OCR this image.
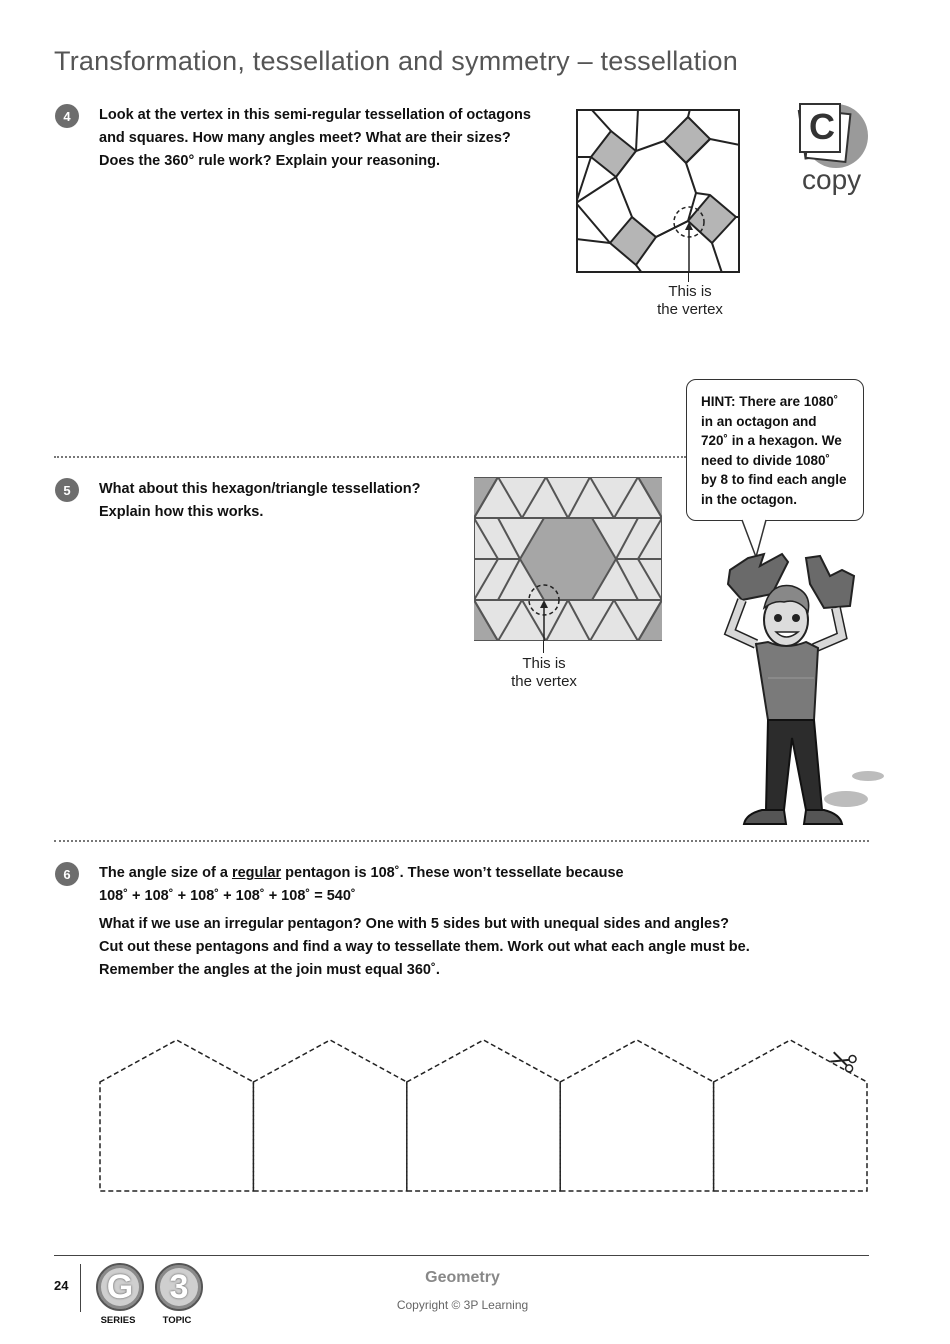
Transformation, tessellation and symmetry – tessellation
C
copy
4	Look at the vertex in this semi-regular tessellation of octagons

and squares. How many angles meet? What are their sizes?

Does the 360° rule work? Explain your reasoning.

This is
the vertex
HINT: There are 1080˚
in an octagon and
720˚ in a hexagon. We
need to divide 1080˚
by 8 to find each angle
in the octagon.
5	What about this hexagon/triangle tessellation?

Explain how this works.

This is
the vertex
6	The angle size of a regular pentagon is 108˚. These won’t tessellate because

108˚ + 108˚ + 108˚ + 108˚ + 108˚ = 540˚

What if we use an irregular pentagon? One with 5 sides but with unequal sides and angles?

Cut out these pentagons and find a way to tessellate them. Work out what each angle must be.

Remember the angles at the join must equal 360˚.

24	G
SERIES
3
TOPIC
Geometry
Copyright © 3P Learning
